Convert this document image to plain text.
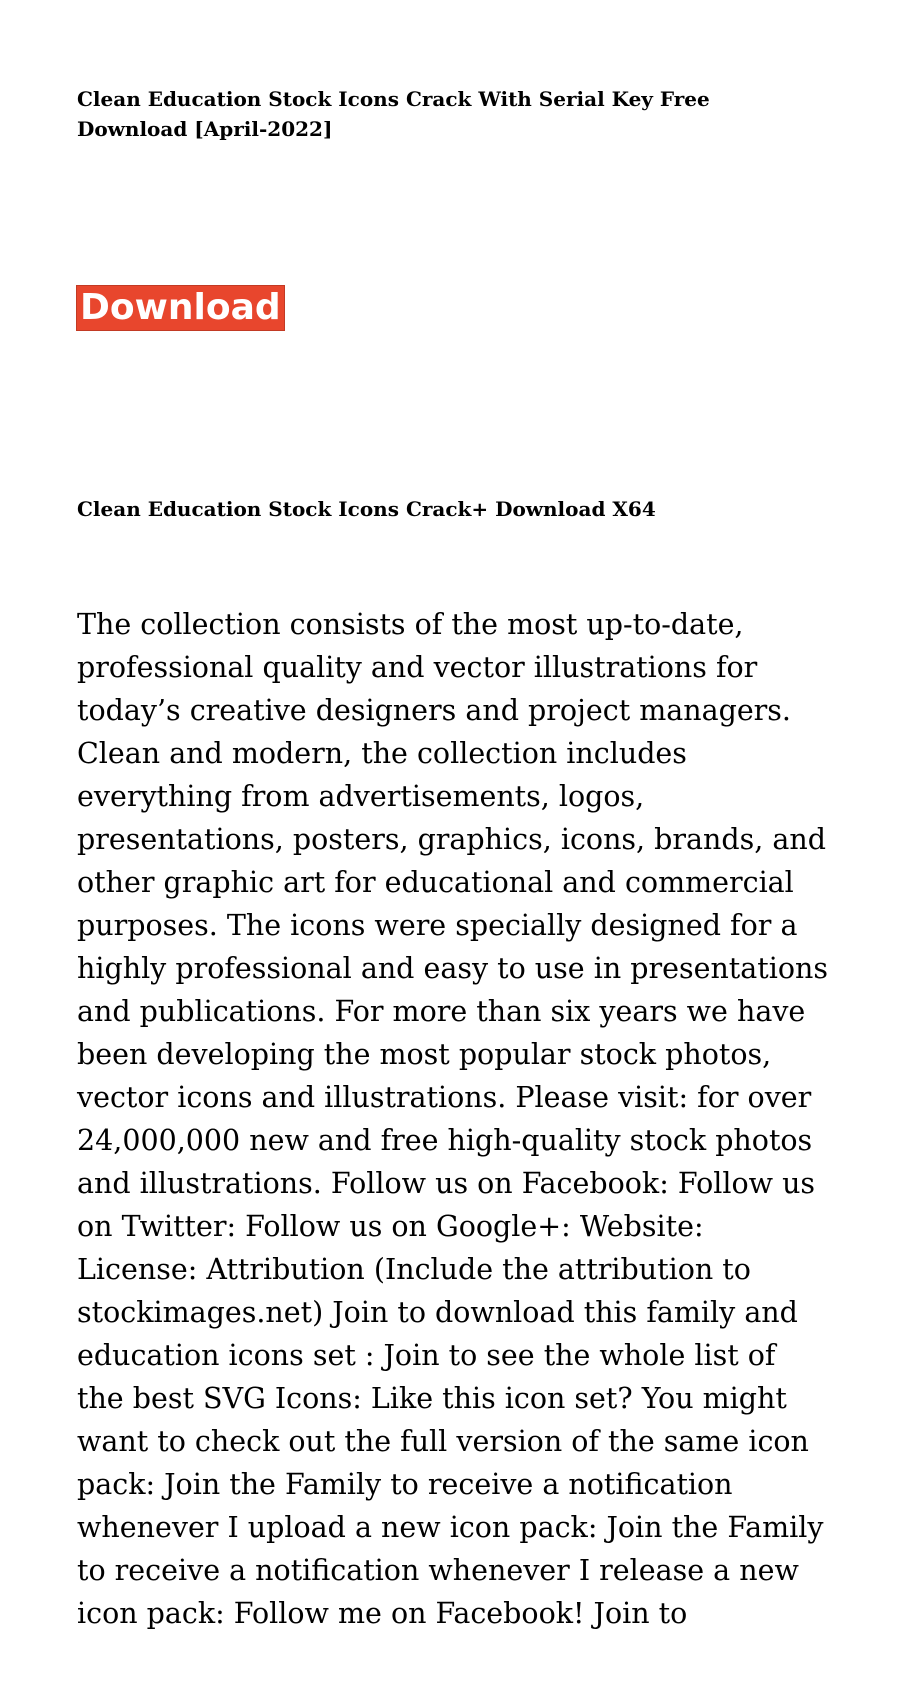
Clean Education Stock Icons Crack With Serial Key Free Download [April-2022]
Download
Clean Education Stock Icons Crack+ Download X64

The collection consists of the most up-to-date,
professional quality and vector illustrations for
today’s creative designers and project managers.
Clean and modern, the collection includes
everything from advertisements, logos,
presentations, posters, graphics, icons, brands, and
other graphic art for educational and commercial
purposes. The icons were specially designed for a
highly professional and easy to use in presentations
and publications. For more than six years we have
been developing the most popular stock photos,
vector icons and illustrations. Please visit: for over
24,000,000 new and free high-quality stock photos
and illustrations. Follow us on Facebook: Follow us
on Twitter: Follow us on Google+: Website:
License: Attribution (Include the attribution to
stockimages.net) Join to download this family and
education icons set : Join to see the whole list of
the best SVG Icons: Like this icon set? You might
want to check out the full version of the same icon
pack: Join the Family to receive a notification
whenever I upload a new icon pack: Join the Family
to receive a notification whenever I release a new
icon pack: Follow me on Facebook! Join to
